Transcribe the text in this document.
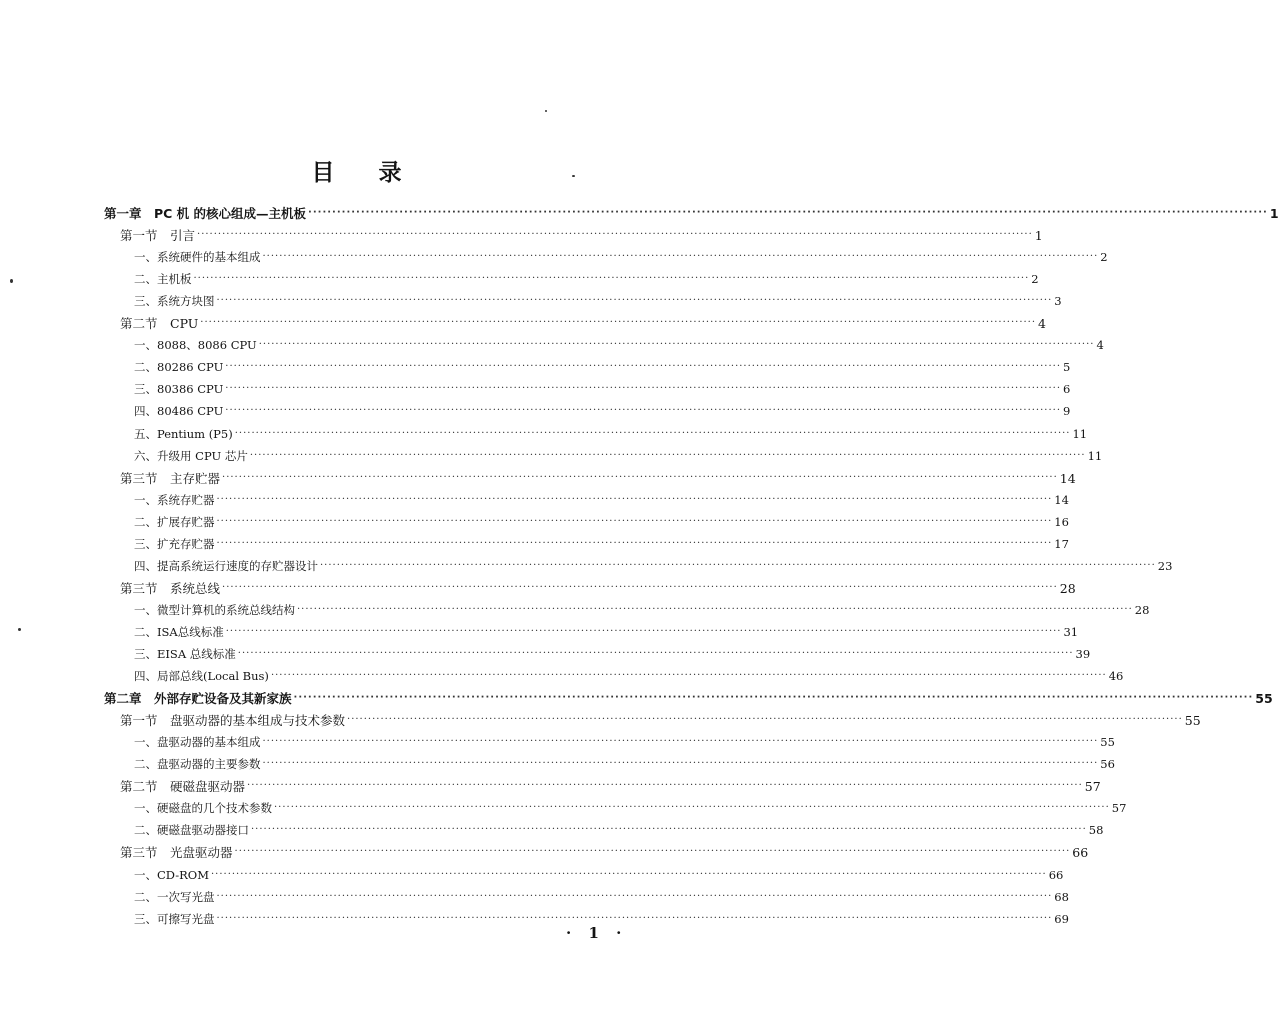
目 录
第一章　PC 机 的核心组成—主机板 ········································································································································································································ 1
第一节　引言 ········································································································································································································ 1
一、系统硬件的基本组成 ········································································································································································································ 2
二、主机板 ········································································································································································································ 2
三、系统方块图 ········································································································································································································ 3
第二节　CPU ········································································································································································································ 4
一、8088、8086 CPU ········································································································································································································ 4
二、80286 CPU ········································································································································································································ 5
三、80386 CPU ········································································································································································································ 6
四、80486 CPU ········································································································································································································ 9
五、Pentium (P5) ········································································································································································································ 11
六、升级用 CPU 芯片 ········································································································································································································ 11
第三节　主存贮器 ········································································································································································································ 14
一、系统存贮器 ········································································································································································································ 14
二、扩展存贮器 ········································································································································································································ 16
三、扩充存贮器 ········································································································································································································ 17
四、提高系统运行速度的存贮器设计 ········································································································································································································ 23
第三节　系统总线 ········································································································································································································ 28
一、微型计算机的系统总线结构 ········································································································································································································ 28
二、ISA总线标准 ········································································································································································································ 31
三、EISA 总线标准 ········································································································································································································ 39
四、局部总线(Local Bus) ········································································································································································································ 46
第二章　外部存贮设备及其新家族 ········································································································································································································ 55
第一节　盘驱动器的基本组成与技术参数 ········································································································································································································ 55
一、盘驱动器的基本组成 ········································································································································································································ 55
二、盘驱动器的主要参数 ········································································································································································································ 56
第二节　硬磁盘驱动器 ········································································································································································································ 57
一、硬磁盘的几个技术参数 ········································································································································································································ 57
二、硬磁盘驱动器接口 ········································································································································································································ 58
第三节　光盘驱动器 ········································································································································································································ 66
一、CD-ROM ········································································································································································································ 66
二、一次写光盘 ········································································································································································································ 68
三、可擦写光盘 ········································································································································································································ 69
· 1 ·
